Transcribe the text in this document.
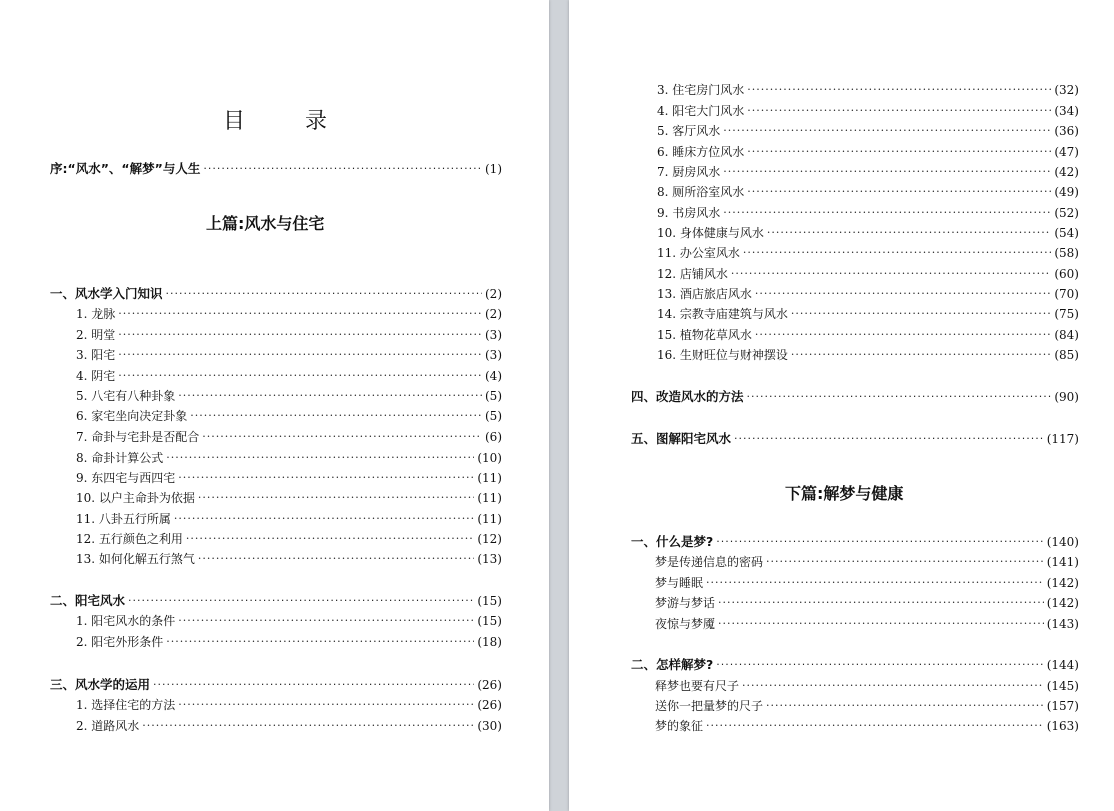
目	录
序:“风水”、“解梦”与人生 ·····	(1)
上篇:风水与住宅
一、风水学入门知识 ·····	(2)
1. 龙脉 ·····	(2)
2. 明堂 ·····	(3)
3. 阳宅 ·····	(3)
4. 阴宅 ·····	(4)
5. 八宅有八种卦象 ·····	(5)
6. 家宅坐向决定卦象 ·····	(5)
7. 命卦与宅卦是否配合 ·····	(6)
8. 命卦计算公式 ·····	(10)
9. 东四宅与西四宅 ·····	(11)
10. 以户主命卦为依据 ·····	(11)
11. 八卦五行所属 ·····	(11)
12. 五行颜色之利用 ·····	(12)
13. 如何化解五行煞气 ·····	(13)
二、阳宅风水 ·····	(15)
1. 阳宅风水的条件 ·····	(15)
2. 阳宅外形条件 ·····	(18)
三、风水学的运用 ·····	(26)
1. 选择住宅的方法 ·····	(26)
2. 道路风水 ·····	(30)
3. 住宅房门风水 ·····	(32)
4. 阳宅大门风水 ·····	(34)
5. 客厅风水 ·····	(36)
6. 睡床方位风水 ·····	(47)
7. 厨房风水 ·····	(42)
8. 厕所浴室风水 ·····	(49)
9. 书房风水 ·····	(52)
10. 身体健康与风水 ·····	(54)
11. 办公室风水 ·····	(58)
12. 店铺风水 ·····	(60)
13. 酒店旅店风水 ·····	(70)
14. 宗教寺庙建筑与风水 ·····	(75)
15. 植物花草风水 ·····	(84)
16. 生财旺位与财神摆设 ·····	(85)
四、改造风水的方法 ·····	(90)
五、图解阳宅风水 ·····	(117)
下篇:解梦与健康
一、什么是梦? ·····	(140)
梦是传递信息的密码 ·····	(141)
梦与睡眠 ·····	(142)
梦游与梦话 ·····	(142)
夜惊与梦魇 ·····	(143)
二、怎样解梦? ·····	(144)
释梦也要有尺子 ·····	(145)
送你一把量梦的尺子 ·····	(157)
梦的象征 ·····	(163)
